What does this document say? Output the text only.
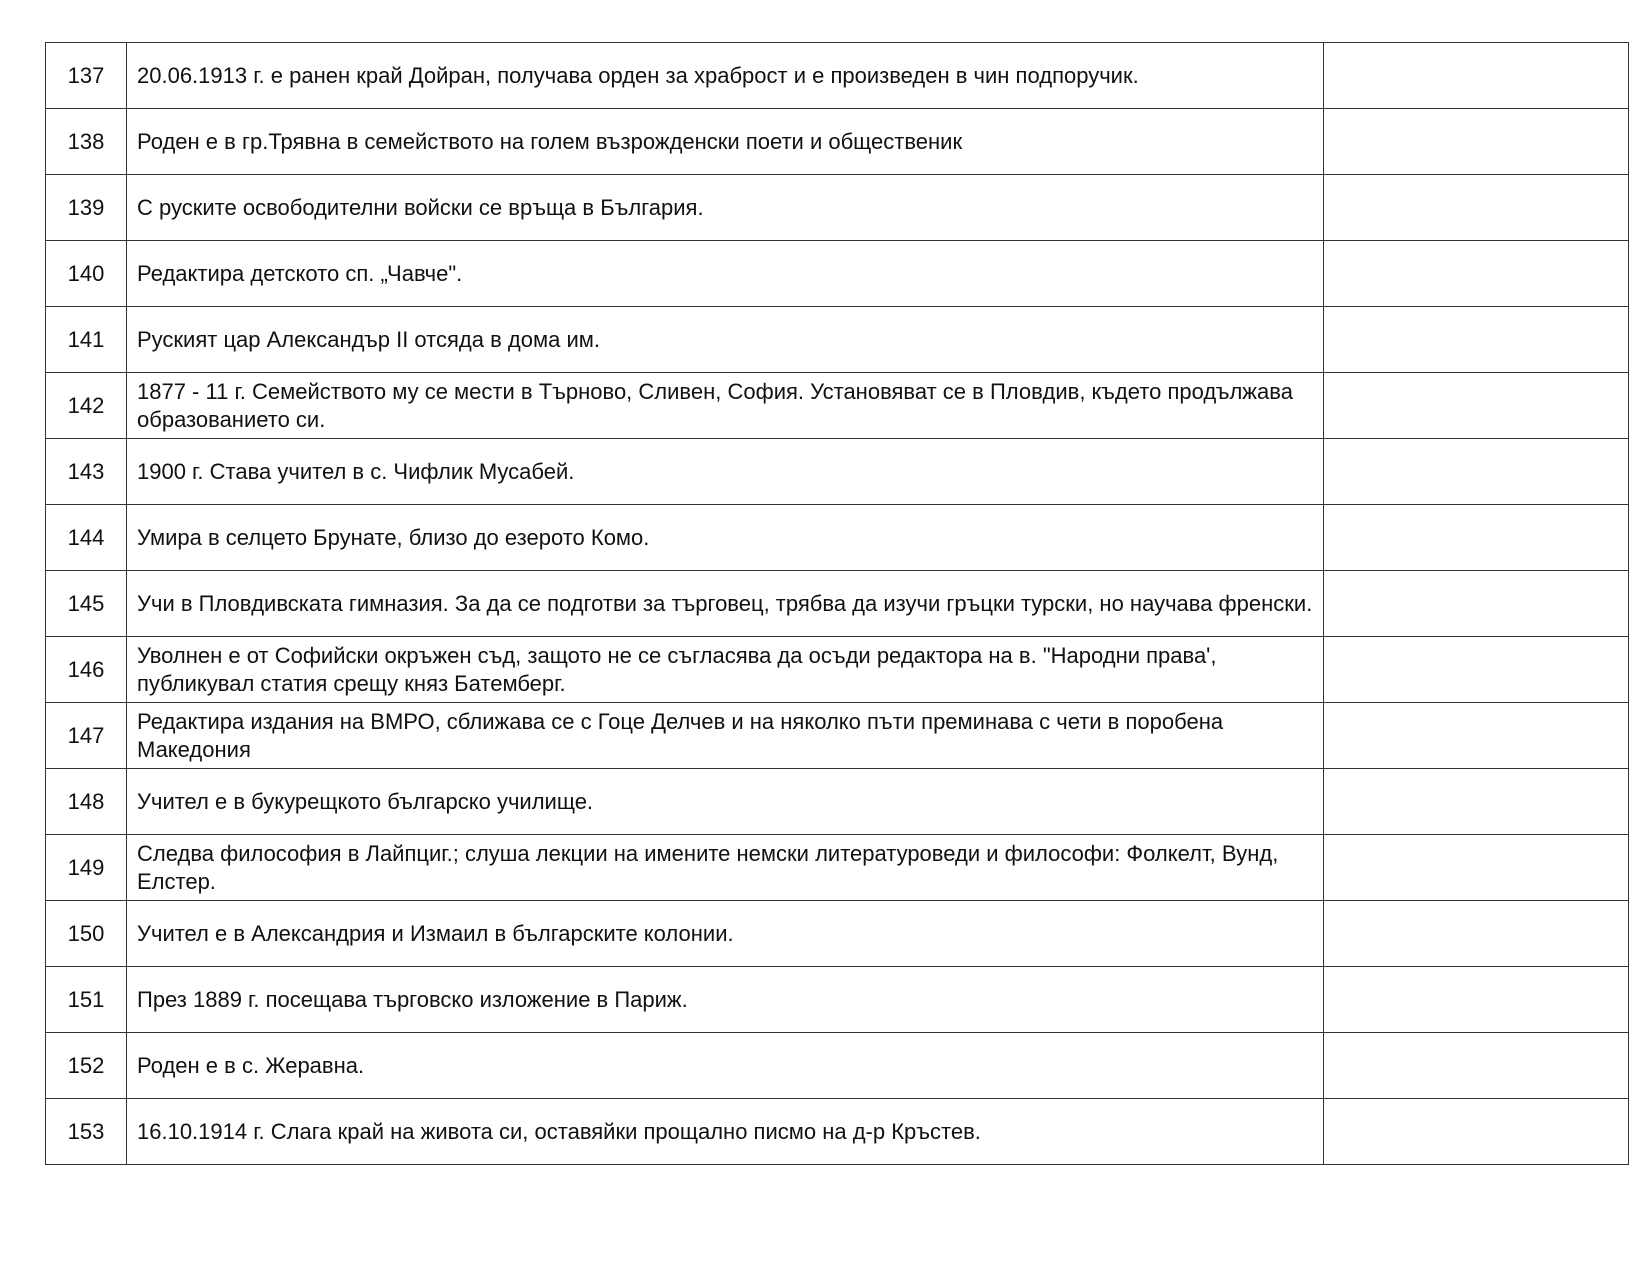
137	20.06.1913 г. е ранен край Дойран, получава орден за храброст и е произведен в чин подпоручик.	
138	Роден е в гр.Трявна в семейството на голем възрожденски поети и общественик	
139	С руските освободителни войски се връща в България.	
140	Редактира детското сп. „Чавче".	
141	Руският цар Александър II отсяда в дома им.	
142	1877 - 11 г. Семейството му се мести в Търново, Сливен, София. Установяват се в Пловдив, където продължава образованието си.	
143	1900 г. Става учител в с. Чифлик Мусабей.	
144	Умира в селцето Брунате, близо до езерото Комо.	
145	Учи в Пловдивската гимназия. За да се подготви за търговец, трябва да изучи гръцки турски, но научава френски.	
146	Уволнен е от Софийски окръжен съд, защото не се съгласява да осъди редактора на в. "Народни права', публикувал статия срещу княз Батемберг.	
147	Редактира издания на ВМРО, сближава се с Гоце Делчев и на няколко пъти преминава с чети в поробена Македония	
148	Учител е в букурещкото българско училище.	
149	Следва философия в Лайпциг.; слуша лекции на имените немски литературоведи и философи: Фолкелт, Вунд, Елстер.	
150	Учител е в Александрия и Измаил в българските колонии.	
151	През 1889 г. посещава търговско изложение в Париж.	
152	Роден е в с. Жеравна.	
153	16.10.1914 г. Слага край на живота си, оставяйки прощално писмо на д-р Кръстев.	
